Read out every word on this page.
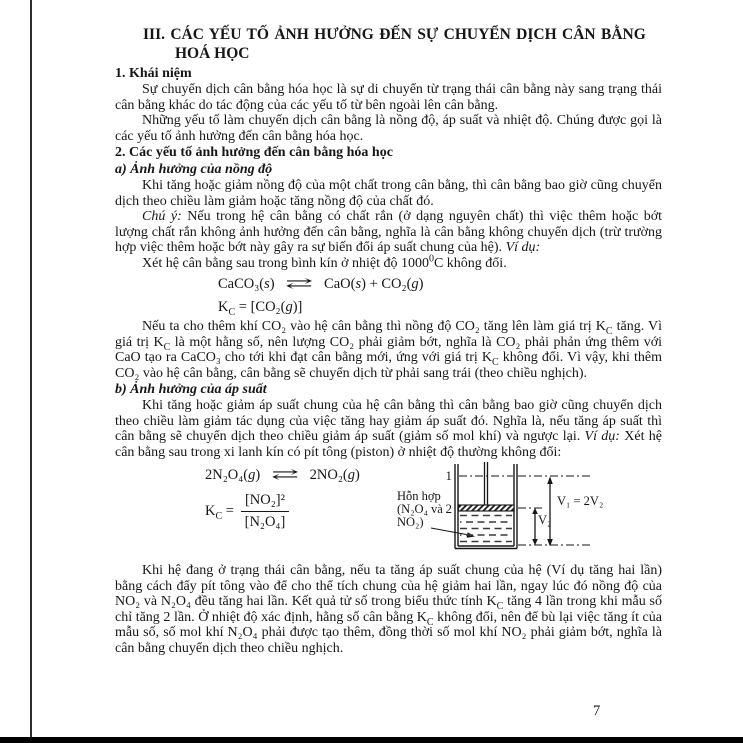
III. CÁC YẾU TỐ ẢNH HƯỞNG ĐẾN SỰ CHUYỂN DỊCH CÂN BẰNG
HOÁ HỌC
1. Khái niệm

Sự chuyển dịch cân bằng hóa học là sự di chuyển từ trạng thái cân bằng này sang trạng thái cân bằng khác do tác động của các yếu tố từ bên ngoài lên cân bằng.

Những yếu tố làm chuyển dịch cân bằng là nồng độ, áp suất và nhiệt độ. Chúng được gọi là các yếu tố ảnh hưởng đến cân bằng hóa học.

2. Các yếu tố ảnh hưởng đến cân bằng hóa học
a) Ảnh hưởng của nồng độ

Khi tăng hoặc giảm nồng độ của một chất trong cân bằng, thì cân bằng bao giờ cũng chuyển dịch theo chiều làm giảm hoặc tăng nồng độ của chất đó.

Chú ý: Nếu trong hệ cân bằng có chất rắn (ở dạng nguyên chất) thì việc thêm hoặc bớt lượng chất rắn không ảnh hưởng đến cân bằng, nghĩa là cân bằng không chuyển dịch (trừ trường hợp việc thêm hoặc bớt này gây ra sự biến đổi áp suất chung của hệ). Ví dụ:

Xét hệ cân bằng sau trong bình kín ở nhiệt độ 1000$^0$C không đổi.

CaCO₃(s) ⇄ CaO(s) + CO₂(g)
$K_C = [CO_2(g)]$

Nếu ta cho thêm khí CO₂ vào hệ cân bằng thì nồng độ CO₂ tăng lên làm giá trị $K_C$ tăng. Vì giá trị $K_C$ là một hằng số, nên lượng CO₂ phải giảm bớt, nghĩa là CO₂ phải phản ứng thêm với CaO tạo ra CaCO₃ cho tới khi đạt cân bằng mới, ứng với giá trị $K_C$ không đổi. Vì vậy, khi thêm CO₂ vào hệ cân bằng, cân bằng sẽ chuyển dịch từ phải sang trái (theo chiều nghịch).

b) Ảnh hưởng của áp suất

Khi tăng hoặc giảm áp suất chung của hệ cân bằng thì cân bằng bao giờ cũng chuyển dịch theo chiều làm giảm tác dụng của việc tăng hay giảm áp suất đó. Nghĩa là, nếu tăng áp suất thì cân bằng sẽ chuyển dịch theo chiều giảm áp suất (giảm số mol khí) và ngược lại. Ví dụ: Xét hệ cân bằng sau trong xi lanh kín có pít tông (piston) ở nhiệt độ thường không đổi:

2N₂O₄(g) ⇄ 2NO₂(g)
$K_C = \frac{\text{[NO₂]²}}{\text{[N₂O₄]}}$	Hỗn hợp
(N₂O₄ và
NO₂)
1
2
V₂
V₁ = 2V₂

Khi hệ đang ở trạng thái cân bằng, nếu ta tăng áp suất chung của hệ (Ví dụ tăng hai lần) bằng cách đẩy pít tông vào để cho thể tích chung của hệ giảm hai lần, ngay lúc đó nồng độ của NO₂ và N₂O₄ đều tăng hai lần. Kết quả tử số trong biểu thức tính $K_C$ tăng 4 lần trong khi mẫu số chỉ tăng 2 lần. Ở nhiệt độ xác định, hằng số cân bằng $K_C$ không đổi, nên để bù lại việc tăng ít của mẫu số, số mol khí N₂O₄ phải được tạo thêm, đồng thời số mol khí NO₂ phải giảm bớt, nghĩa là cân bằng chuyển dịch theo chiều nghịch.

7
